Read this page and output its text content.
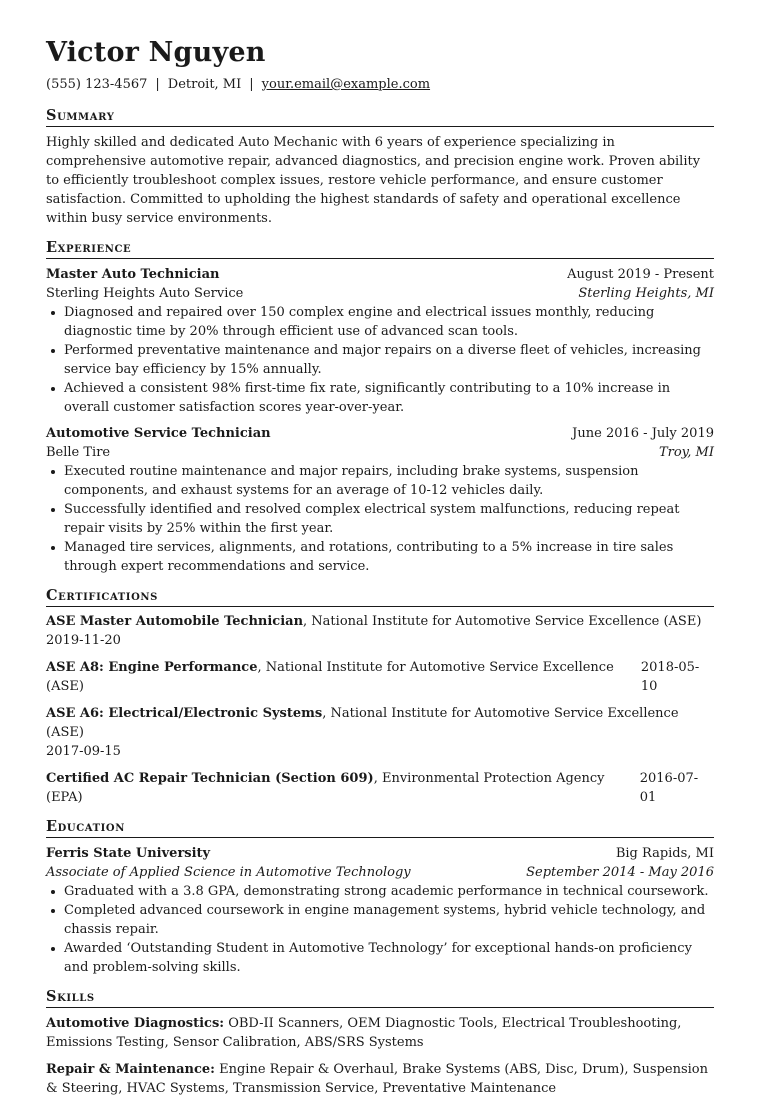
Victor Nguyen
(555) 123-4567 | Detroit, MI | your.email@example.com
Summary
Highly skilled and dedicated Auto Mechanic with 6 years of experience specializing in comprehensive automotive repair, advanced diagnostics, and precision engine work. Proven ability to efficiently troubleshoot complex issues, restore vehicle performance, and ensure customer satisfaction. Committed to upholding the highest standards of safety and operational excellence within busy service environments.
Experience
Master Auto Technician	August 2019 - Present
Sterling Heights Auto Service	Sterling Heights, MI
Diagnosed and repaired over 150 complex engine and electrical issues monthly, reducing diagnostic time by 20% through efficient use of advanced scan tools.
Performed preventative maintenance and major repairs on a diverse fleet of vehicles, increasing service bay efficiency by 15% annually.
Achieved a consistent 98% first-time fix rate, significantly contributing to a 10% increase in overall customer satisfaction scores year-over-year.
Automotive Service Technician	June 2016 - July 2019
Belle Tire	Troy, MI
Executed routine maintenance and major repairs, including brake systems, suspension components, and exhaust systems for an average of 10-12 vehicles daily.
Successfully identified and resolved complex electrical system malfunctions, reducing repeat repair visits by 25% within the first year.
Managed tire services, alignments, and rotations, contributing to a 5% increase in tire sales through expert recommendations and service.
Certifications
ASE Master Automobile Technician, National Institute for Automotive Service Excellence (ASE)
2019-11-20
ASE A8: Engine Performance, National Institute for Automotive Service Excellence (ASE)
2018-05-10
ASE A6: Electrical/Electronic Systems, National Institute for Automotive Service Excellence (ASE)
2017-09-15
Certified AC Repair Technician (Section 609), Environmental Protection Agency (EPA)
2016-07-01
Education
Ferris State University	Big Rapids, MI
Associate of Applied Science in Automotive Technology	September 2014 - May 2016
Graduated with a 3.8 GPA, demonstrating strong academic performance in technical coursework.
Completed advanced coursework in engine management systems, hybrid vehicle technology, and chassis repair.
Awarded ‘Outstanding Student in Automotive Technology’ for exceptional hands-on proficiency and problem-solving skills.
Skills
Automotive Diagnostics: OBD-II Scanners, OEM Diagnostic Tools, Electrical Troubleshooting, Emissions Testing, Sensor Calibration, ABS/SRS Systems
Repair & Maintenance: Engine Repair & Overhaul, Brake Systems (ABS, Disc, Drum), Suspension & Steering, HVAC Systems, Transmission Service, Preventative Maintenance
